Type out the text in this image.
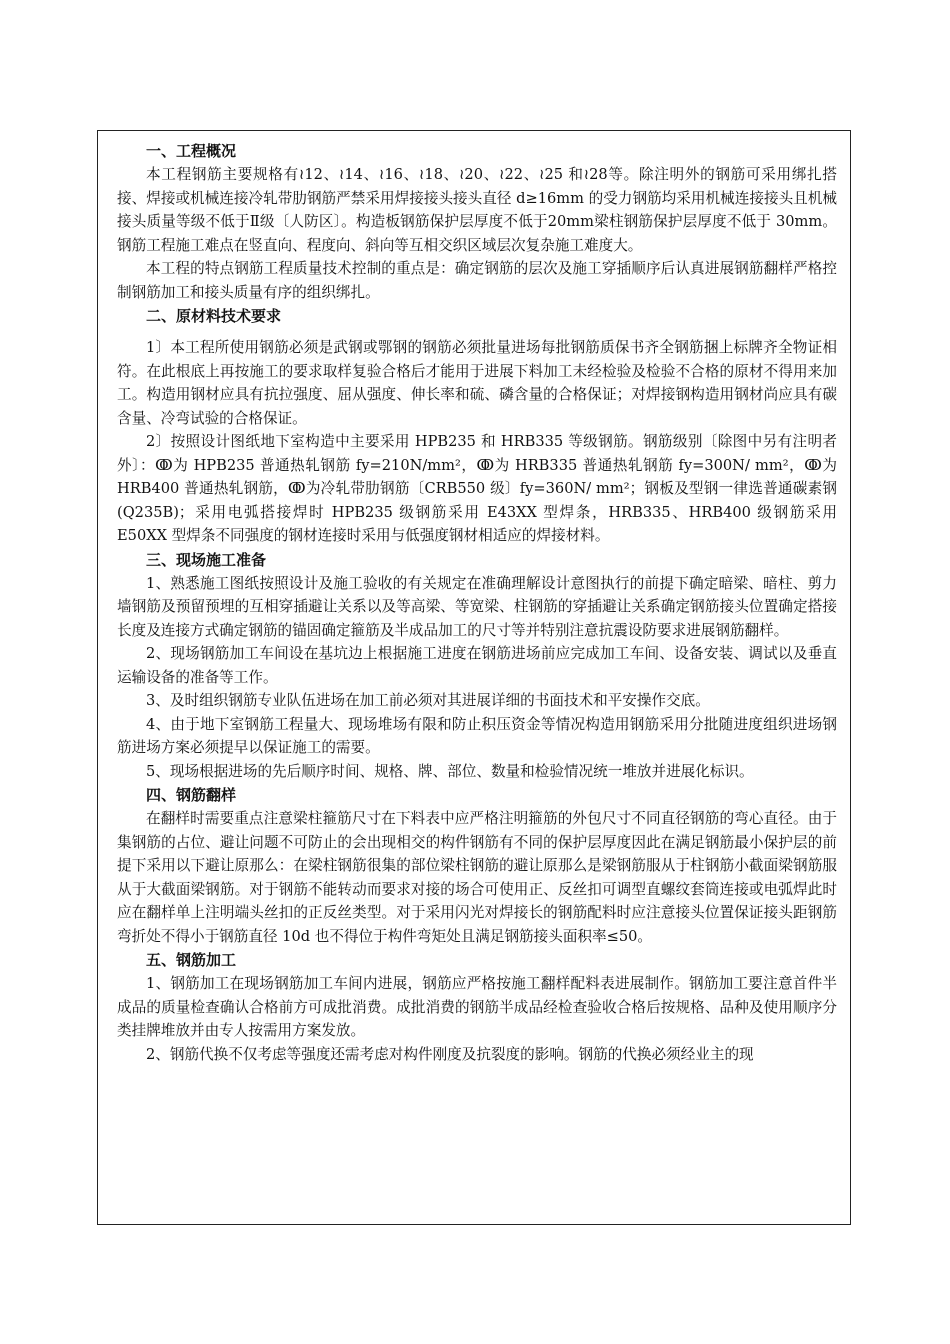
一、工程概况

本工程钢筋主要规格有≀12、≀14、≀16、≀18、≀20、≀22、≀25 和≀28等。除注明外的钢筋可采用绑扎搭接、焊接或机械连接冷轧带肋钢筋严禁采用焊接接头接头直径 d≥16mm 的受力钢筋均采用机械连接接头且机械接头质量等级不低于Ⅱ级〔人防区〕。构造板钢筋保护层厚度不低于20mm梁柱钢筋保护层厚度不低于 30mm。钢筋工程施工难点在竖直向、程度向、斜向等互相交织区域层次复杂施工难度大。

本工程的特点钢筋工程质量技术控制的重点是：确定钢筋的层次及施工穿插顺序后认真进展钢筋翻样严格控制钢筋加工和接头质量有序的组织绑扎。

二、原材料技术要求

1〕本工程所使用钢筋必须是武钢或鄂钢的钢筋必须批量进场每批钢筋质保书齐全钢筋捆上标牌齐全物证相符。在此根底上再按施工的要求取样复验合格后才能用于进展下料加工未经检验及检验不合格的原材不得用来加工。构造用钢材应具有抗拉强度、屈从强度、伸长率和硫、磷含量的合格保证；对焊接钢构造用钢材尚应具有碳含量、冷弯试验的合格保证。

2〕按照设计图纸地下室构造中主要采用 HPB235 和 HRB335 等级钢筋。钢筋级别〔除图中另有注明者外〕：ↂ为 HPB235 普通热轧钢筋 fy=210N/mm²，ↂ为 HRB335 普通热轧钢筋 fy=300N/ mm²，ↂ为 HRB400 普通热轧钢筋，ↂ为冷轧带肋钢筋〔CRB550 级〕fy=360N/ mm²；钢板及型钢一律选普通碳素钢(Q235B)；采用电弧搭接焊时 HPB235 级钢筋采用 E43XX 型焊条，HRB335、HRB400 级钢筋采用 E50XX 型焊条不同强度的钢材连接时采用与低强度钢材相适应的焊接材料。

三、现场施工准备

1、熟悉施工图纸按照设计及施工验收的有关规定在准确理解设计意图执行的前提下确定暗梁、暗柱、剪力墙钢筋及预留预埋的互相穿插避让关系以及等高梁、等宽梁、柱钢筋的穿插避让关系确定钢筋接头位置确定搭接长度及连接方式确定钢筋的锚固确定箍筋及半成品加工的尺寸等并特别注意抗震设防要求进展钢筋翻样。

2、现场钢筋加工车间设在基坑边上根据施工进度在钢筋进场前应完成加工车间、设备安装、调试以及垂直运输设备的准备等工作。

3、及时组织钢筋专业队伍进场在加工前必须对其进展详细的书面技术和平安操作交底。

4、由于地下室钢筋工程量大、现场堆场有限和防止积压资金等情况构造用钢筋采用分批随进度组织进场钢筋进场方案必须提早以保证施工的需要。

5、现场根据进场的先后顺序时间、规格、牌、部位、数量和检验情况统一堆放并进展化标识。

四、钢筋翻样

在翻样时需要重点注意梁柱箍筋尺寸在下料表中应严格注明箍筋的外包尺寸不同直径钢筋的弯心直径。由于集钢筋的占位、避让问题不可防止的会出现相交的构件钢筋有不同的保护层厚度因此在满足钢筋最小保护层的前提下采用以下避让原那么：在梁柱钢筋很集的部位梁柱钢筋的避让原那么是梁钢筋服从于柱钢筋小截面梁钢筋服从于大截面梁钢筋。对于钢筋不能转动而要求对接的场合可使用正、反丝扣可调型直螺纹套筒连接或电弧焊此时应在翻样单上注明端头丝扣的正反丝类型。对于采用闪光对焊接长的钢筋配料时应注意接头位置保证接头距钢筋弯折处不得小于钢筋直径 10d 也不得位于构件弯矩处且满足钢筋接头面积率≤50。

五、钢筋加工

1、钢筋加工在现场钢筋加工车间内进展，钢筋应严格按施工翻样配料表进展制作。钢筋加工要注意首件半成品的质量检查确认合格前方可成批消费。成批消费的钢筋半成品经检查验收合格后按规格、品种及使用顺序分类挂牌堆放并由专人按需用方案发放。

2、钢筋代换不仅考虑等强度还需考虑对构件刚度及抗裂度的影响。钢筋的代换必须经业主的现
